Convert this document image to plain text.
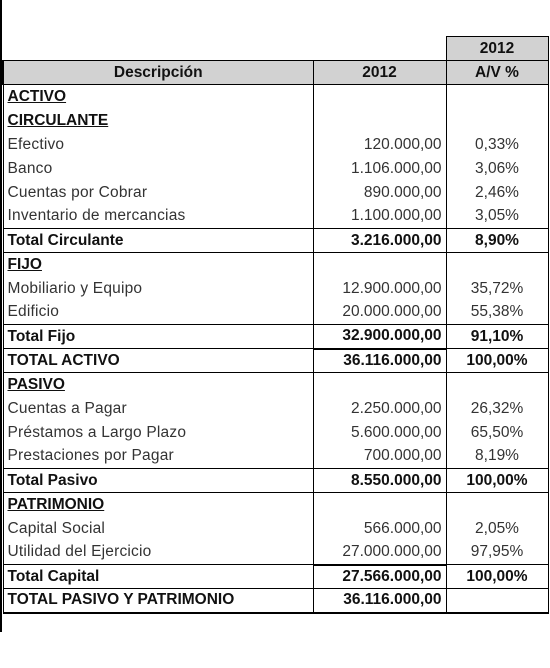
		2012
Descripción	2012	A/V %
ACTIVO		
CIRCULANTE		
Efectivo	120.000,00	0,33%
Banco	1.106.000,00	3,06%
Cuentas por Cobrar	890.000,00	2,46%
Inventario de mercancias	1.100.000,00	3,05%
Total Circulante	3.216.000,00	8,90%
FIJO		
Mobiliario y Equipo	12.900.000,00	35,72%
Edificio	20.000.000,00	55,38%
Total Fijo	32.900.000,00	91,10%
TOTAL ACTIVO	36.116.000,00	100,00%
PASIVO		
Cuentas a Pagar	2.250.000,00	26,32%
Préstamos a Largo Plazo	5.600.000,00	65,50%
Prestaciones por Pagar	700.000,00	8,19%
Total Pasivo	8.550.000,00	100,00%
PATRIMONIO		
Capital Social	566.000,00	2,05%
Utilidad del Ejercicio	27.000.000,00	97,95%
Total Capital	27.566.000,00	100,00%
TOTAL PASIVO Y PATRIMONIO	36.116.000,00	
